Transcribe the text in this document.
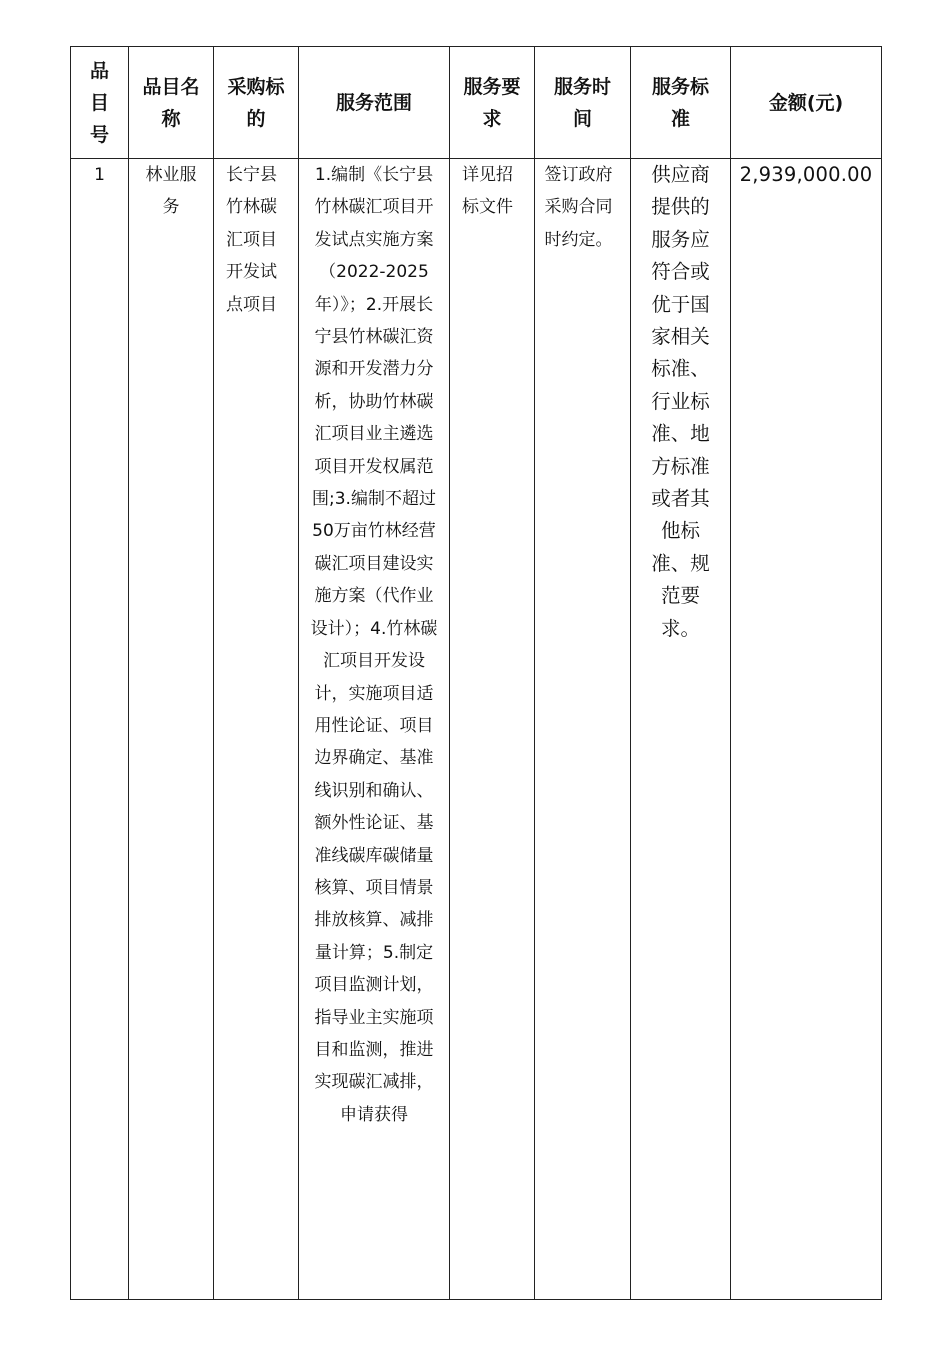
品目号	品目名称	采购标的	服务范围	服务要求	服务时间	服务标准	金额(元)

1	林业服务	长宁县竹林碳汇项目开发试点项目	1.编制《长宁县竹林碳汇项目开发试点实施方案（2022-2025年）》；2.开展长宁县竹林碳汇资源和开发潜力分析，协助竹林碳汇项目业主遴选项目开发权属范围;3.编制不超过50万亩竹林经营碳汇项目建设实施方案（代作业设计）；4.竹林碳汇项目开发设计，实施项目适用性论证、项目边界确定、基准线识别和确认、额外性论证、基准线碳库碳储量核算、项目情景排放核算、减排量计算；5.制定项目监测计划，指导业主实施项目和监测，推进实现碳汇减排，申请获得	详见招标文件	签订政府采购合同时约定。	供应商提供的服务应符合或优于国家相关标准、行业标准、地方标准或者其他标准、规范要求。	2,939,000.00
